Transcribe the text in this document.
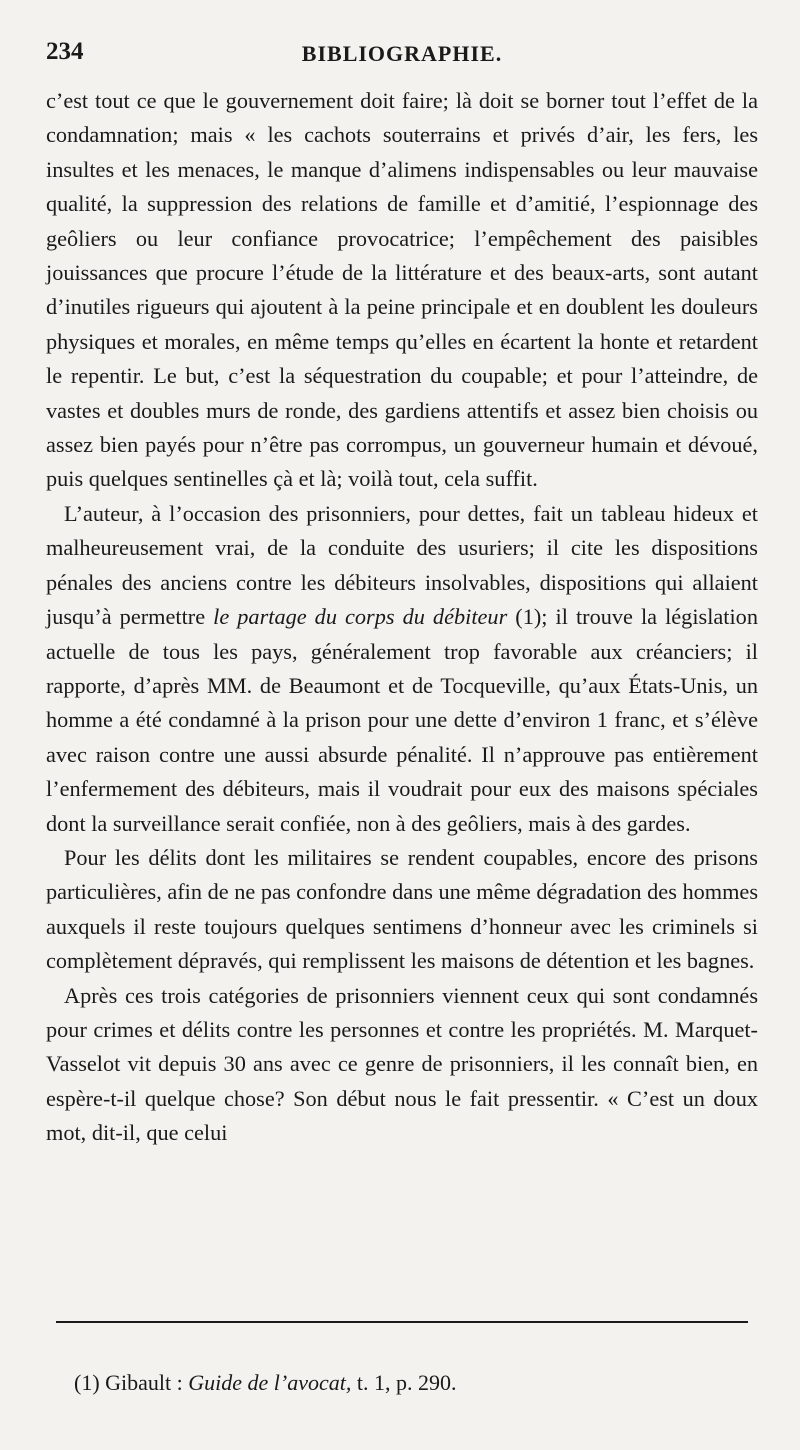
234	BIBLIOGRAPHIE.

c’est tout ce que le gouvernement doit faire; là doit se borner tout l’effet de la condamnation; mais « les cachots souterrains et privés d’air, les fers, les insultes et les menaces, le manque d’alimens indispensables ou leur mauvaise qualité, la suppression des relations de famille et d’amitié, l’espionnage des geôliers ou leur confiance provocatrice; l’empêchement des paisibles jouissances que procure l’étude de la littérature et des beaux-arts, sont autant d’inutiles rigueurs qui ajoutent à la peine principale et en doublent les douleurs physiques et morales, en même temps qu’elles en écartent la honte et retardent le repentir. Le but, c’est la séquestration du coupable; et pour l’atteindre, de vastes et doubles murs de ronde, des gardiens attentifs et assez bien choisis ou assez bien payés pour n’être pas corrompus, un gouverneur humain et dévoué, puis quelques sentinelles çà et là; voilà tout, cela suffit.

L’auteur, à l’occasion des prisonniers, pour dettes, fait un tableau hideux et malheureusement vrai, de la conduite des usuriers; il cite les dispositions pénales des anciens contre les débiteurs insolvables, dispositions qui allaient jusqu’à permettre le partage du corps du débiteur (1); il trouve la législation actuelle de tous les pays, généralement trop favorable aux créanciers; il rapporte, d’après MM. de Beaumont et de Tocqueville, qu’aux États-Unis, un homme a été condamné à la prison pour une dette d’environ 1 franc, et s’élève avec raison contre une aussi absurde pénalité. Il n’approuve pas entièrement l’enfermement des débiteurs, mais il voudrait pour eux des maisons spéciales dont la surveillance serait confiée, non à des geôliers, mais à des gardes.

Pour les délits dont les militaires se rendent coupables, encore des prisons particulières, afin de ne pas confondre dans une même dégradation des hommes auxquels il reste toujours quelques sentimens d’honneur avec les criminels si complètement dépravés, qui remplissent les maisons de détention et les bagnes.

Après ces trois catégories de prisonniers viennent ceux qui sont condamnés pour crimes et délits contre les personnes et contre les propriétés. M. Marquet-Vasselot vit depuis 30 ans avec ce genre de prisonniers, il les connaît bien, en espère-t-il quelque chose? Son début nous le fait pressentir. « C’est un doux mot, dit-il, que celui

(1) Gibault : Guide de l’avocat, t. 1, p. 290.
